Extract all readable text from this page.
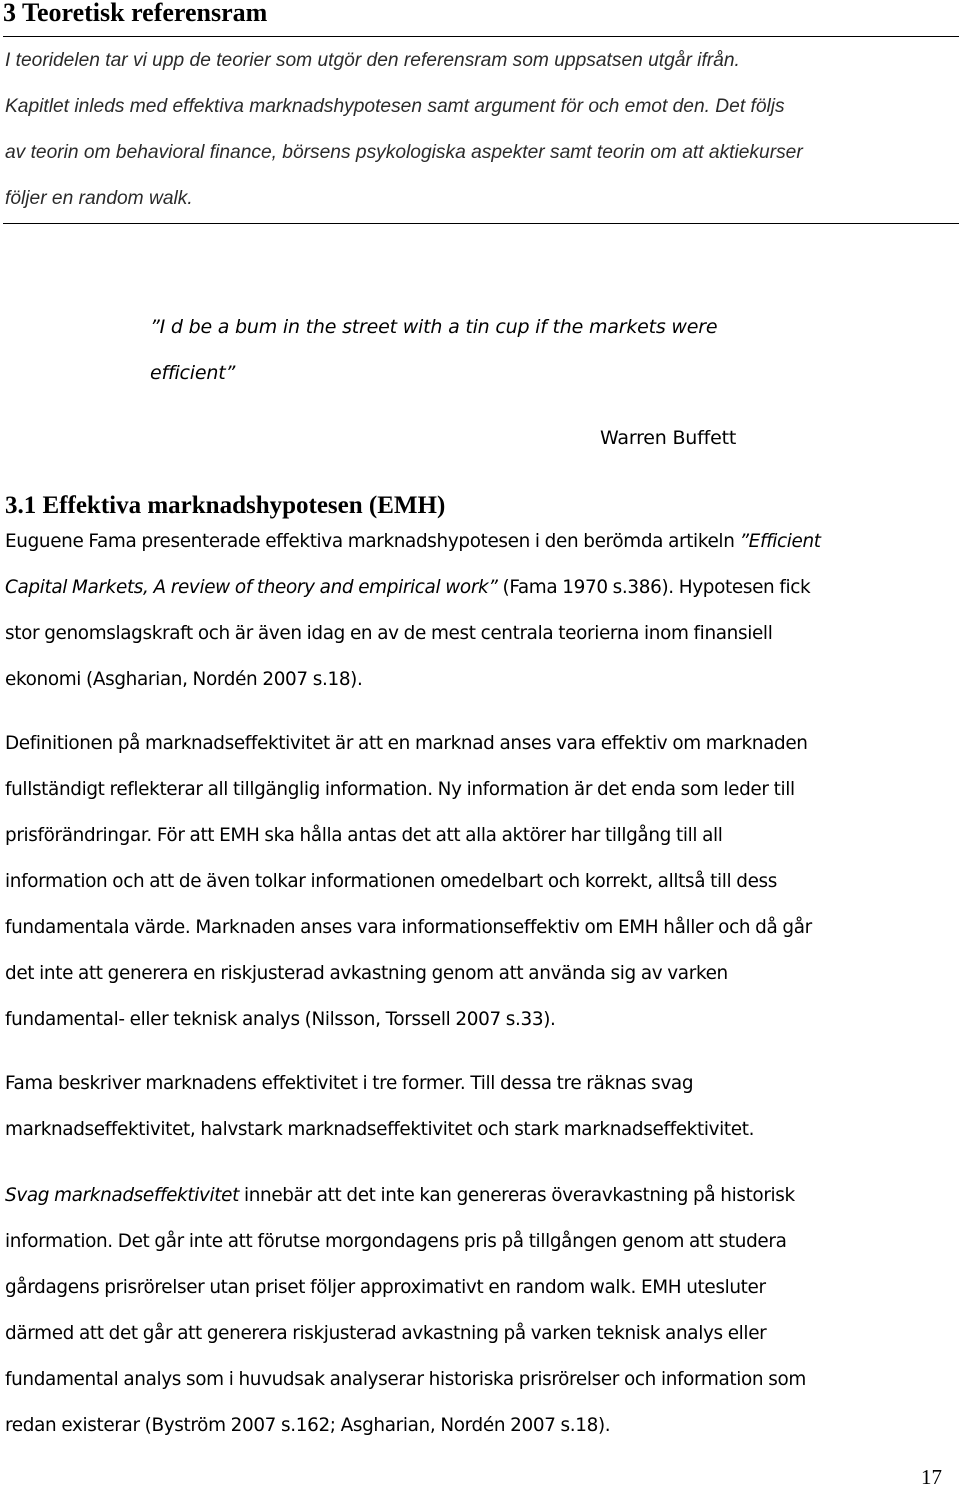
3 Teoretisk referensram

I teoridelen tar vi upp de teorier som utgör den referensram som uppsatsen utgår ifrån.
Kapitlet inleds med effektiva marknadshypotesen samt argument för och emot den. Det följs
av teorin om behavioral finance, börsens psykologiska aspekter samt teorin om att aktiekurser
följer en random walk.

”I d be a bum in the street with a tin cup if the markets were
efficient”

Warren Buffett

3.1 Effektiva marknadshypotesen (EMH)

Euguene Fama presenterade effektiva marknadshypotesen i den berömda artikeln ”Efficient
Capital Markets, A review of theory and empirical work” (Fama 1970 s.386). Hypotesen fick
stor genomslagskraft och är även idag en av de mest centrala teorierna inom finansiell
ekonomi (Asgharian, Nordén 2007 s.18).

Definitionen på marknadseffektivitet är att en marknad anses vara effektiv om marknaden
fullständigt reflekterar all tillgänglig information. Ny information är det enda som leder till
prisförändringar. För att EMH ska hålla antas det att alla aktörer har tillgång till all
information och att de även tolkar informationen omedelbart och korrekt, alltså till dess
fundamentala värde. Marknaden anses vara informationseffektiv om EMH håller och då går
det inte att generera en riskjusterad avkastning genom att använda sig av varken
fundamental- eller teknisk analys (Nilsson, Torssell 2007 s.33).

Fama beskriver marknadens effektivitet i tre former. Till dessa tre räknas svag
marknadseffektivitet, halvstark marknadseffektivitet och stark marknadseffektivitet.

Svag marknadseffektivitet innebär att det inte kan genereras överavkastning på historisk
information. Det går inte att förutse morgondagens pris på tillgången genom att studera
gårdagens prisrörelser utan priset följer approximativt en random walk. EMH utesluter
därmed att det går att generera riskjusterad avkastning på varken teknisk analys eller
fundamental analys som i huvudsak analyserar historiska prisrörelser och information som
redan existerar (Byström 2007 s.162; Asgharian, Nordén 2007 s.18).

17
